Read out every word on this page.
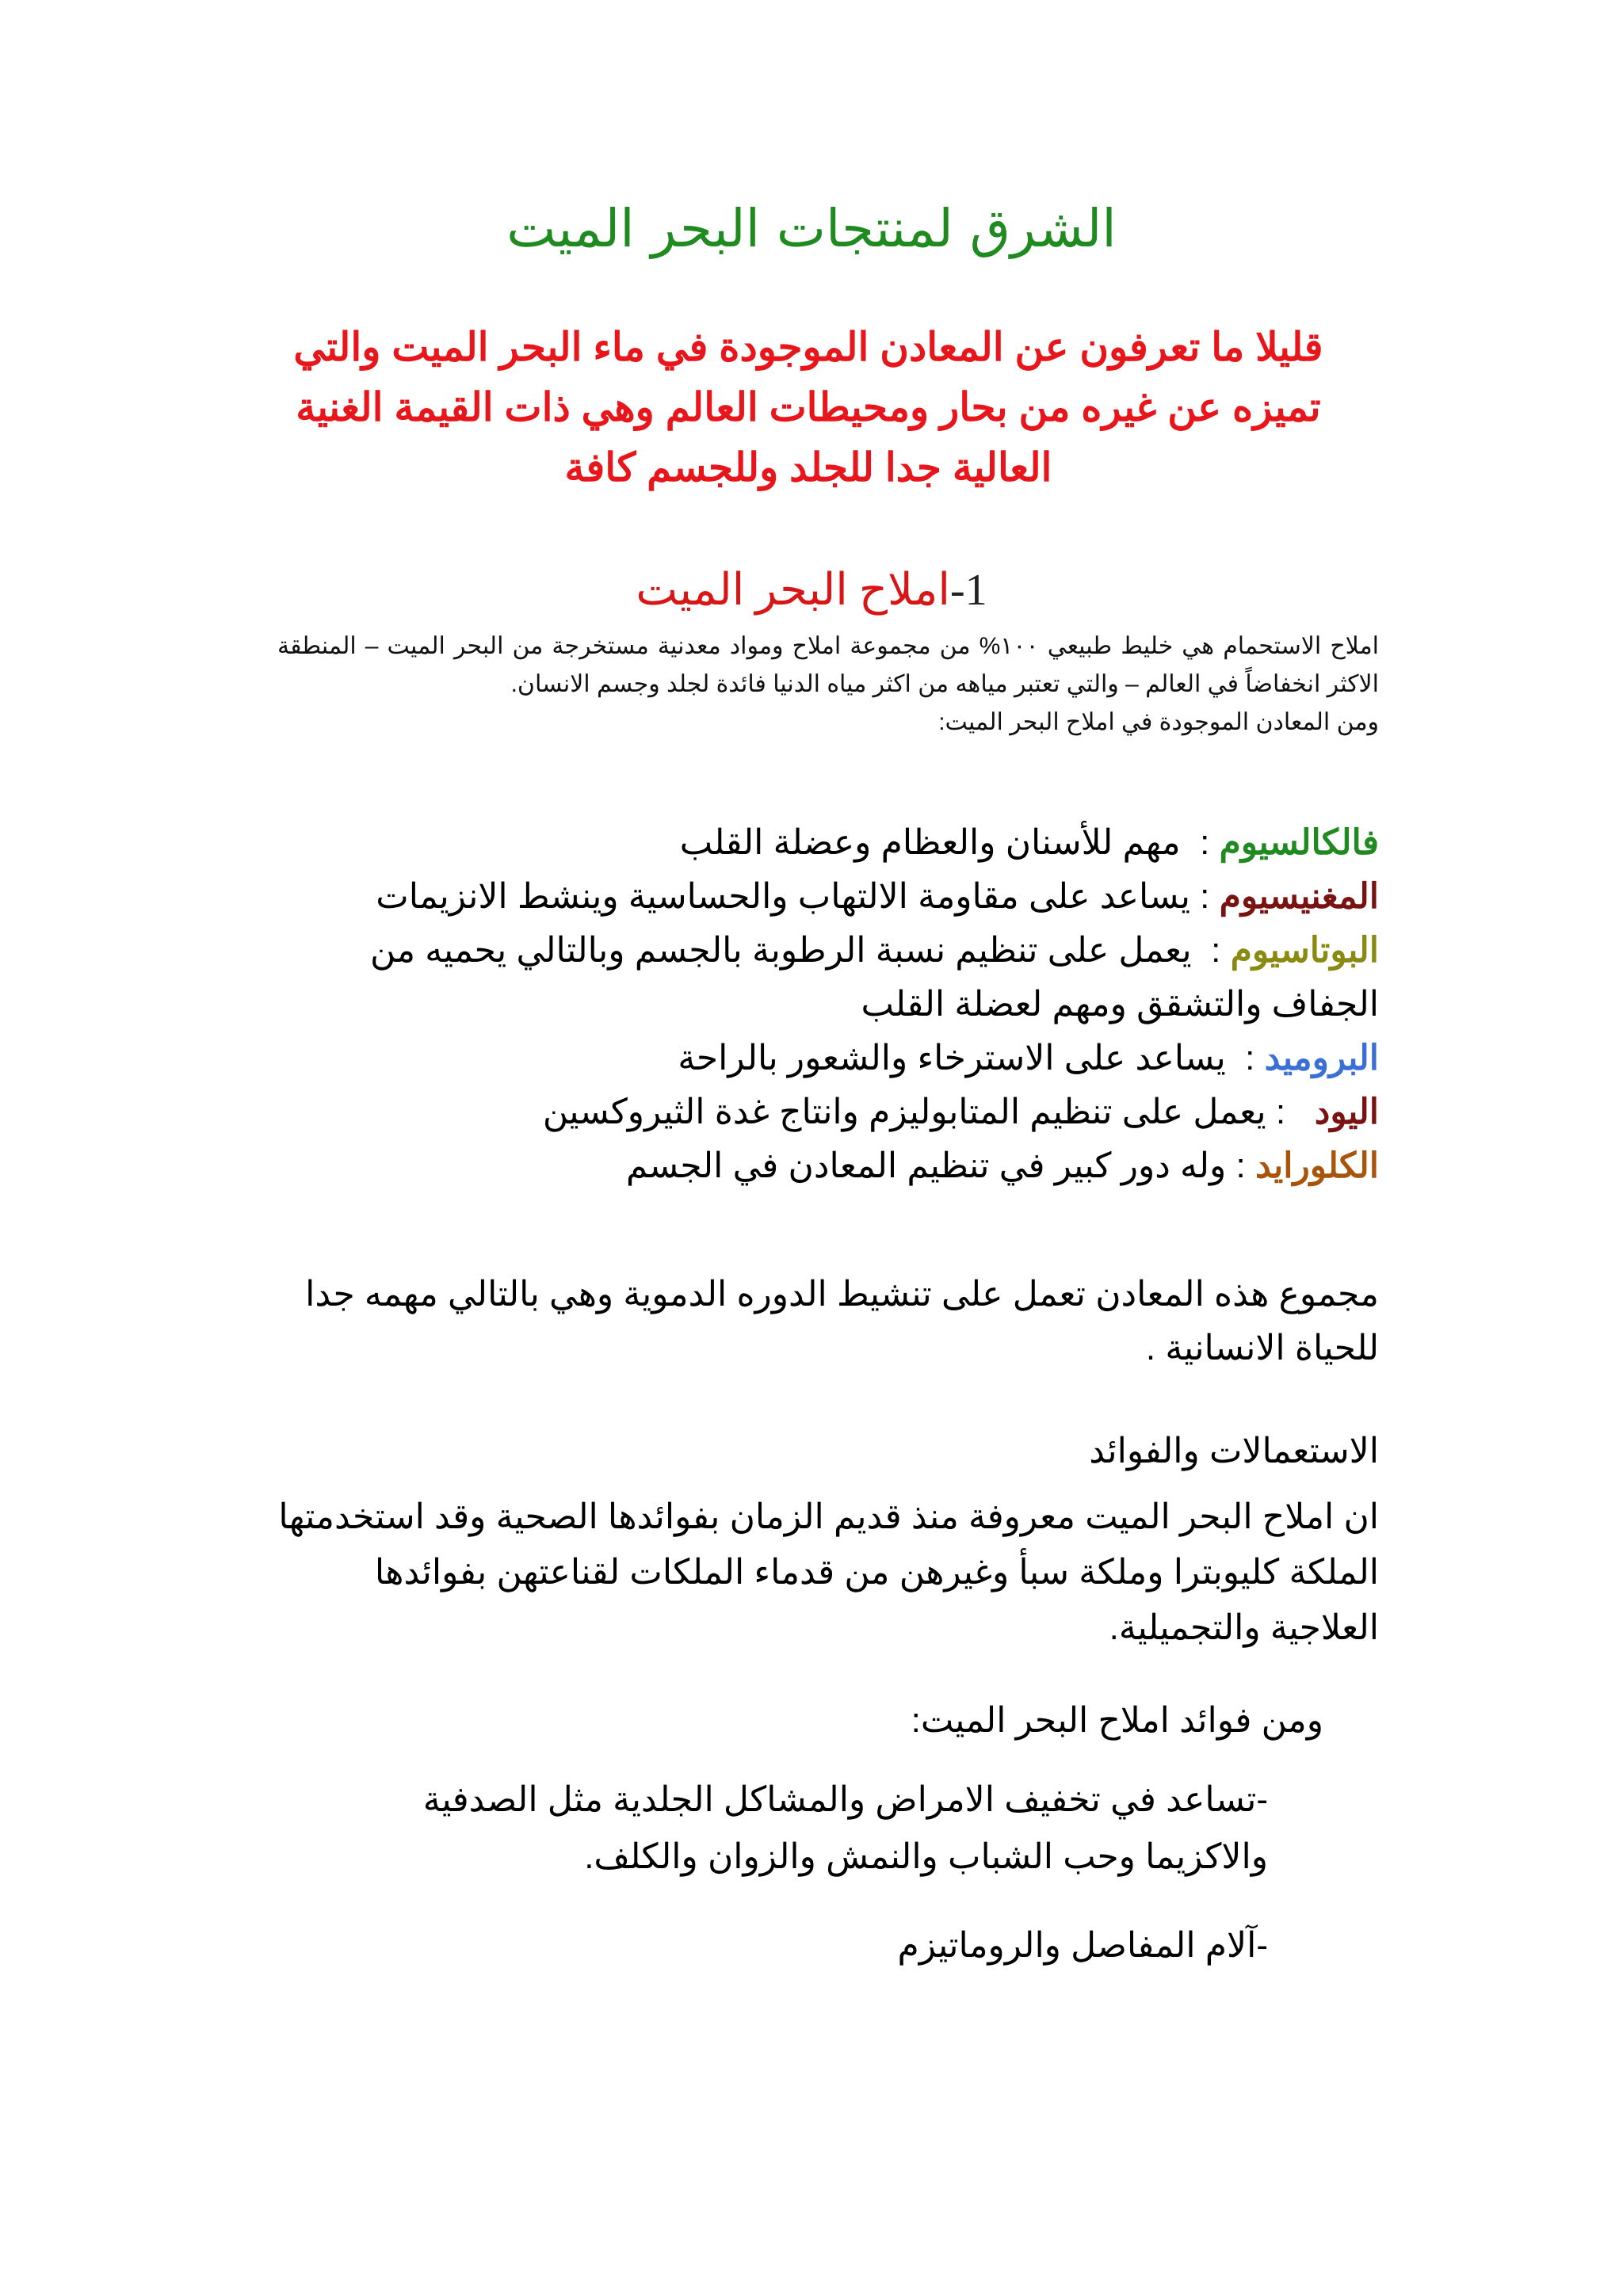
الشرق لمنتجات البحر الميت
قليلا ما تعرفون عن المعادن الموجودة في ماء البحر الميت والتي تميزه عن غيره من بحار ومحيطات العالم وهي ذات القيمة الغنية العالية جدا للجلد وللجسم كافة
1-املاح البحر الميت
املاح الاستحمام هي خليط طبيعي ١٠٠% من مجموعة املاح ومواد معدنية مستخرجة من البحر الميت – المنطقة الاكثر انخفاضاً في العالم – والتي تعتبر مياهه من اكثر مياه الدنيا فائدة لجلد وجسم الانسان.
ومن المعادن الموجودة في املاح البحر الميت:
فالكالسيوم :  مهم للأسنان والعظام وعضلة القلب
المغنيسيوم : يساعد على مقاومة الالتهاب والحساسية وينشط الانزيمات
البوتاسيوم :  يعمل على تنظيم نسبة الرطوبة بالجسم وبالتالي يحميه من الجفاف والتشقق ومهم لعضلة القلب
البروميد :  يساعد على الاسترخاء والشعور بالراحة
اليود   : يعمل على تنظيم المتابوليزم وانتاج غدة الثيروكسين
الكلورايد : وله دور كبير في تنظيم المعادن في الجسم
مجموع هذه المعادن تعمل على تنشيط الدوره الدموية وهي بالتالي مهمه جدا للحياة الانسانية .
الاستعمالات والفوائد
ان املاح البحر الميت معروفة منذ قديم الزمان بفوائدها الصحية وقد استخدمتها الملكة كليوبترا وملكة سبأ وغيرهن من قدماء الملكات لقناعتهن بفوائدها العلاجية والتجميلية.
ومن فوائد املاح البحر الميت:
-تساعد في تخفيف الامراض والمشاكل الجلدية مثل الصدفية والاكزيما وحب الشباب والنمش والزوان والكلف.
-آلام المفاصل والروماتيزم
